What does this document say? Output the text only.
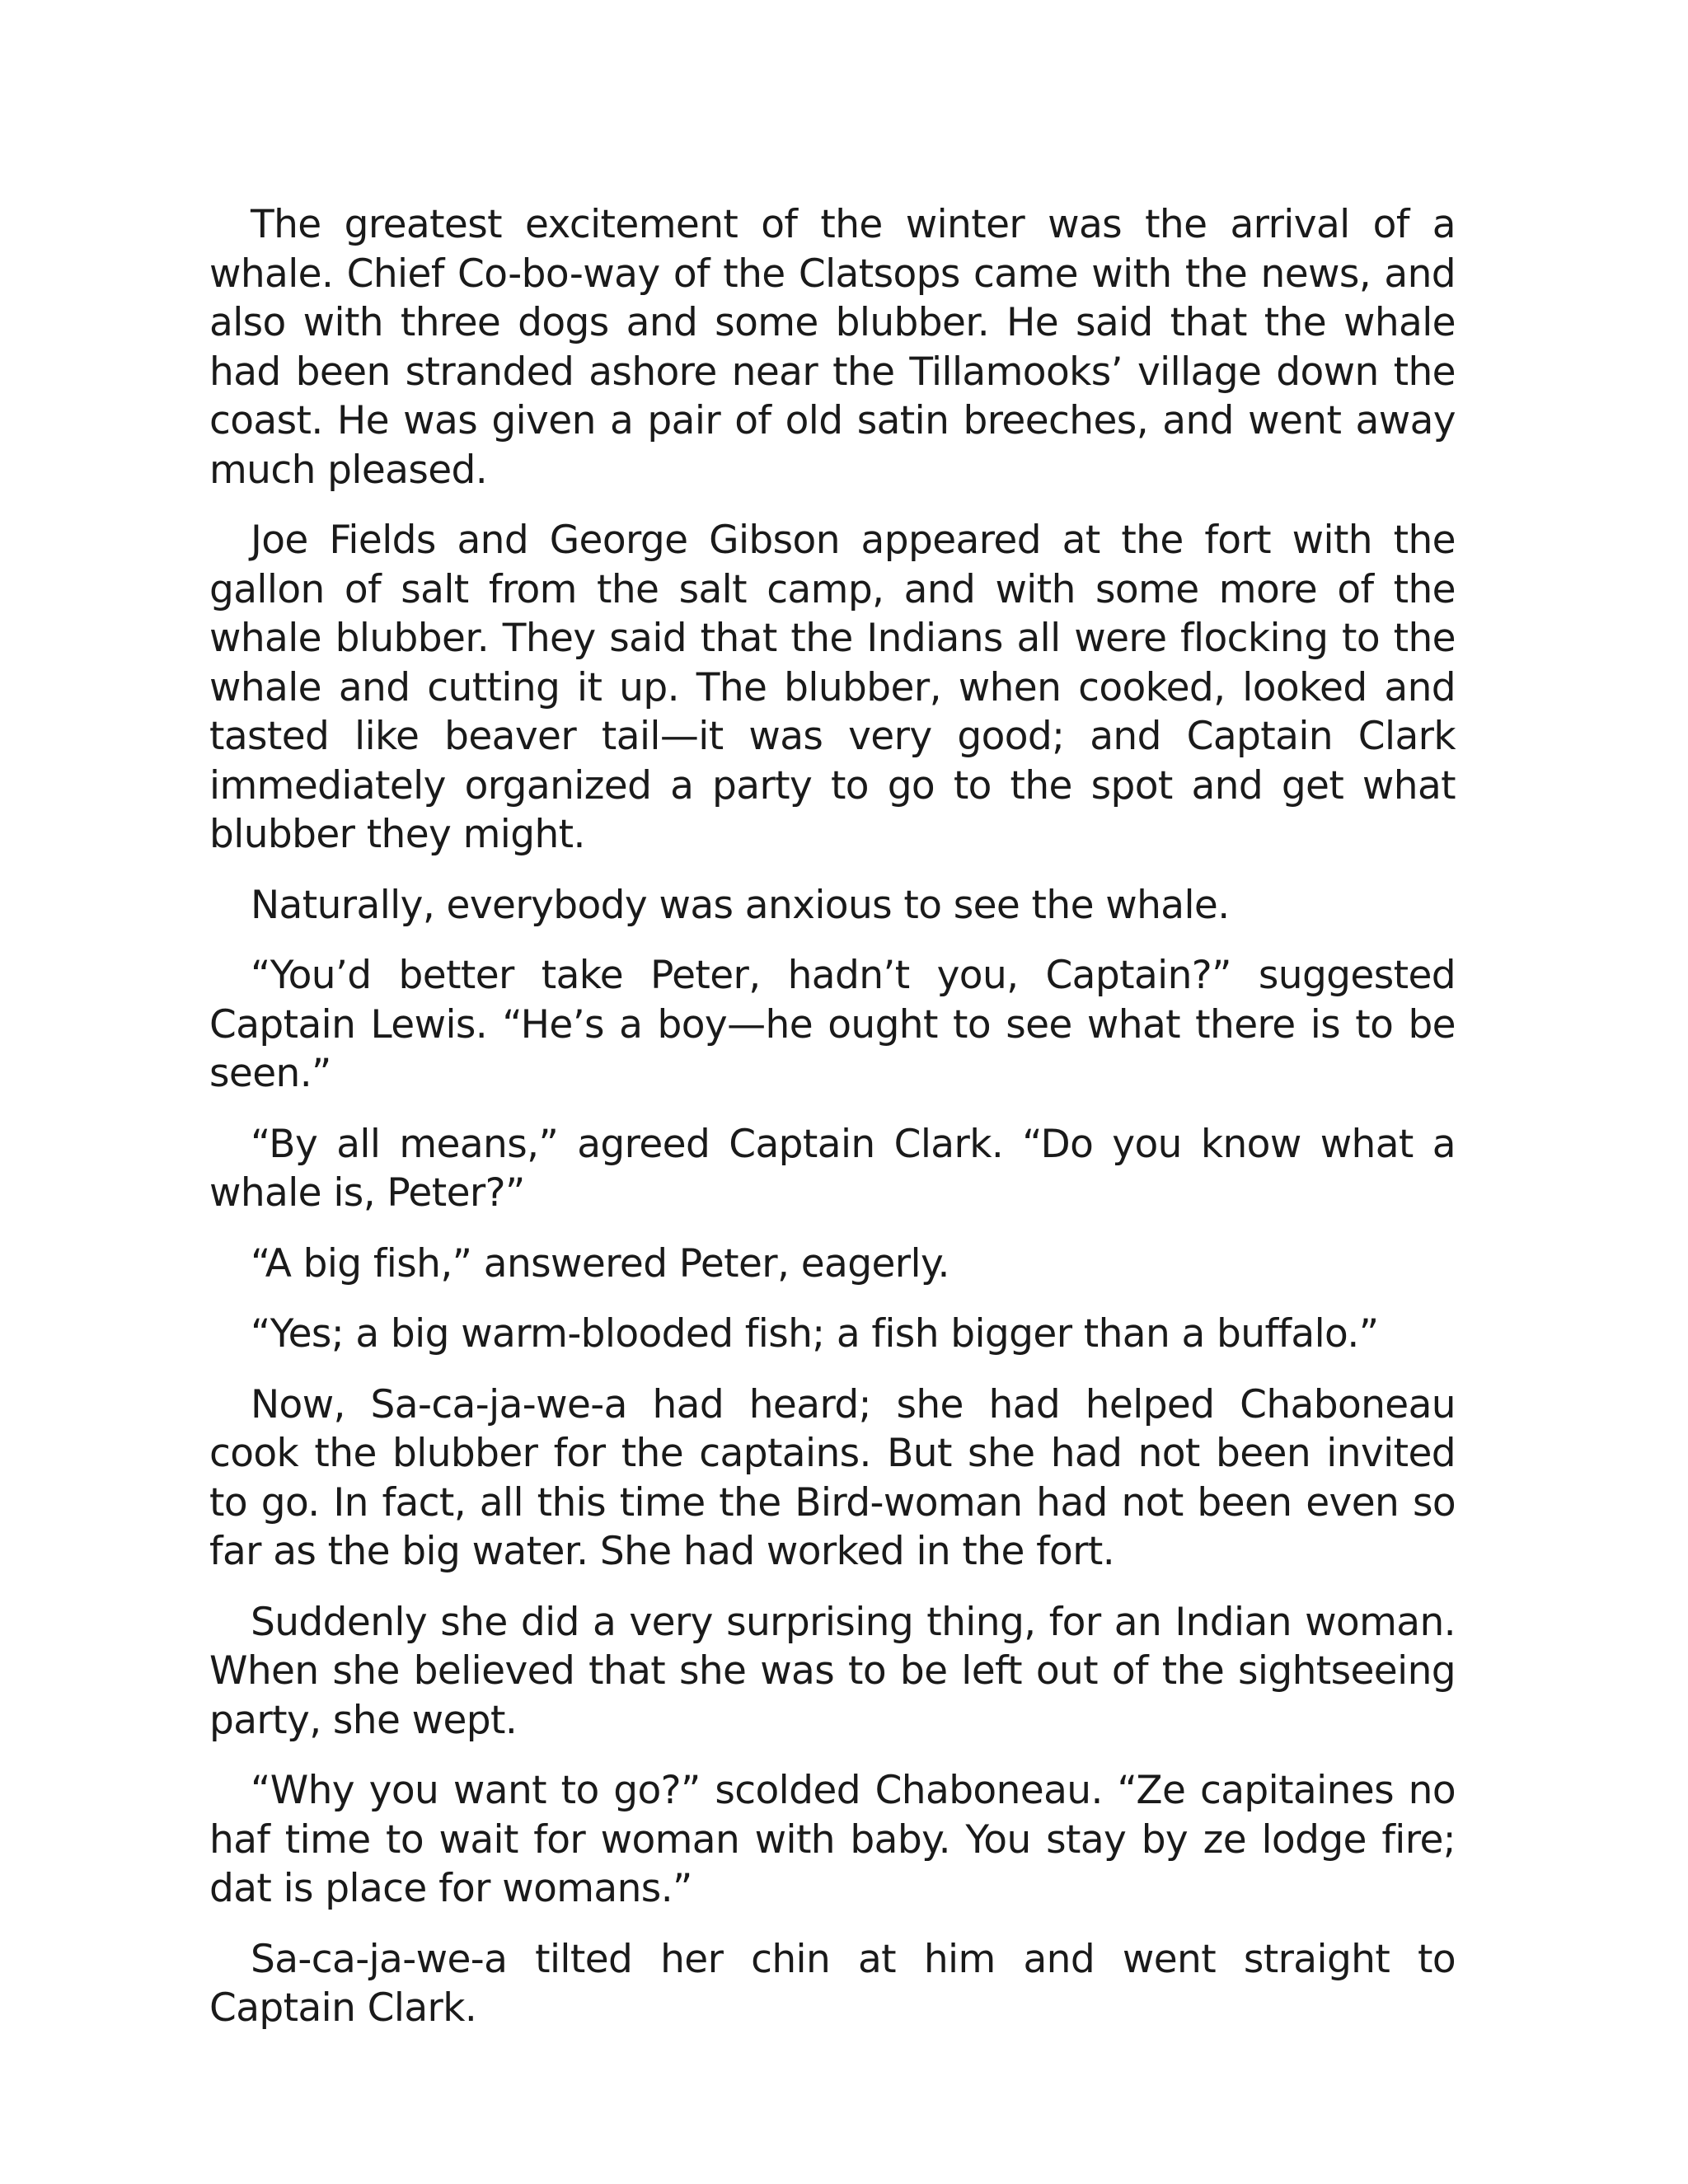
The greatest excitement of the winter was the arrival of a whale. Chief Co-bo-way of the Clatsops came with the news, and also with three dogs and some blubber. He said that the whale had been stranded ashore near the Tillamooks’ village down the coast. He was given a pair of old satin breeches, and went away much pleased.

Joe Fields and George Gibson appeared at the fort with the gallon of salt from the salt camp, and with some more of the whale blubber. They said that the Indians all were flocking to the whale and cutting it up. The blubber, when cooked, looked and tasted like beaver tail—it was very good; and Captain Clark immediately organized a party to go to the spot and get what blubber they might.

Naturally, everybody was anxious to see the whale.

“You’d better take Peter, hadn’t you, Captain?” suggested Captain Lewis. “He’s a boy—he ought to see what there is to be seen.”

“By all means,” agreed Captain Clark. “Do you know what a whale is, Peter?”

“A big fish,” answered Peter, eagerly.

“Yes; a big warm-blooded fish; a fish bigger than a buffalo.”

Now, Sa-ca-ja-we-a had heard; she had helped Chaboneau cook the blubber for the captains. But she had not been invited to go. In fact, all this time the Bird-woman had not been even so far as the big water. She had worked in the fort.

Suddenly she did a very surprising thing, for an Indian woman. When she believed that she was to be left out of the sightseeing party, she wept.

“Why you want to go?” scolded Chaboneau. “Ze capitaines no haf time to wait for woman with baby. You stay by ze lodge fire; dat is place for womans.”

Sa-ca-ja-we-a tilted her chin at him and went straight to Captain Clark.
